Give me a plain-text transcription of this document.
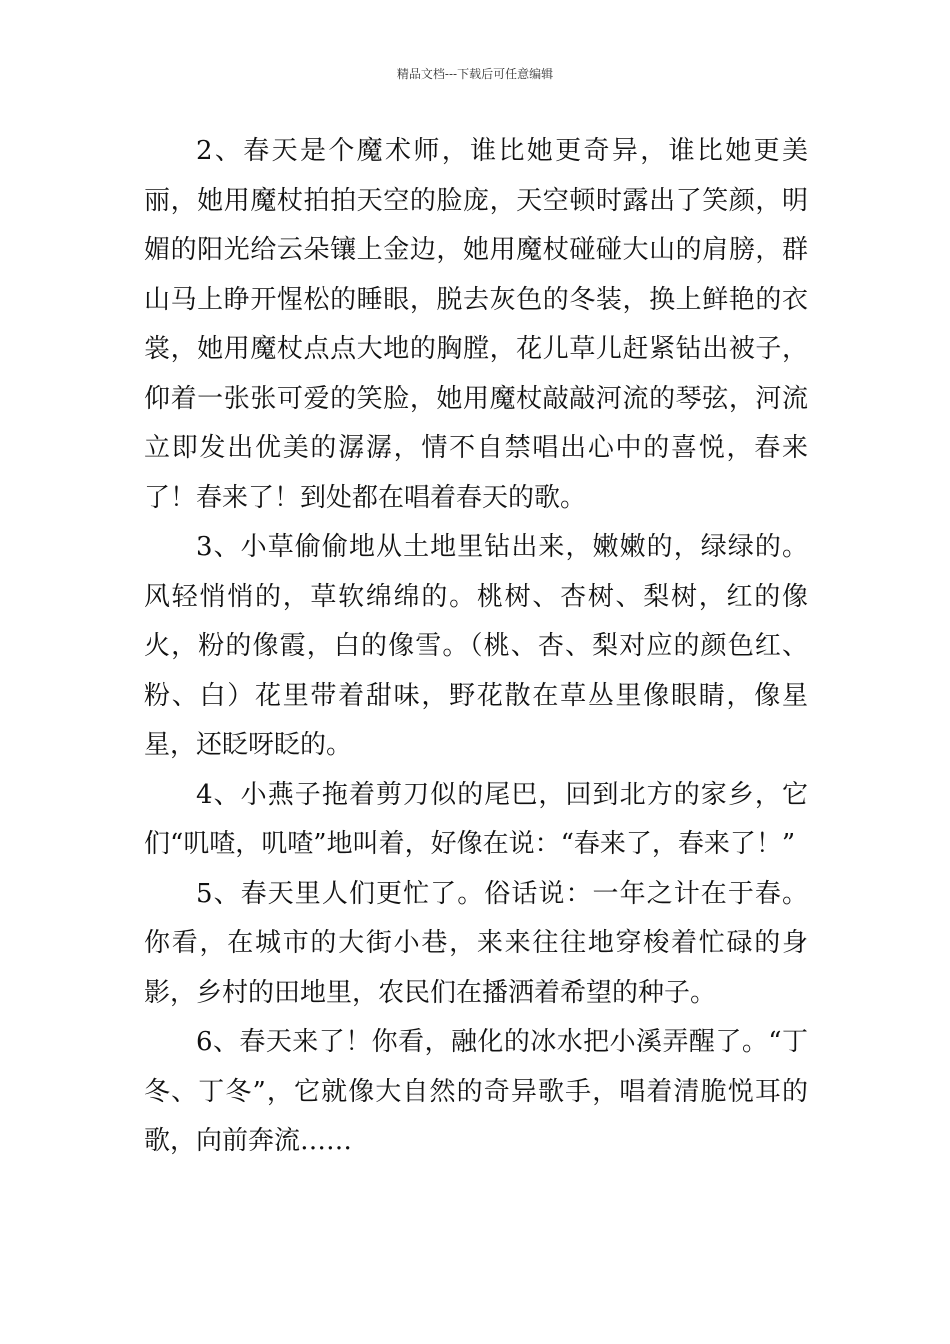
精品文档---下载后可任意编辑

2、春天是个魔术师，谁比她更奇异，谁比她更美丽，她用魔杖拍拍天空的脸庞，天空顿时露出了笑颜，明媚的阳光给云朵镶上金边，她用魔杖碰碰大山的肩膀，群山马上睁开惺松的睡眼，脱去灰色的冬装，换上鲜艳的衣裳，她用魔杖点点大地的胸膛，花儿草儿赶紧钻出被子，仰着一张张可爱的笑脸，她用魔杖敲敲河流的琴弦，河流立即发出优美的潺潺，情不自禁唱出心中的喜悦，春来了！春来了！到处都在唱着春天的歌。

3、小草偷偷地从土地里钻出来，嫩嫩的，绿绿的。风轻悄悄的，草软绵绵的。桃树、杏树、梨树，红的像火，粉的像霞，白的像雪。（桃、杏、梨对应的颜色红、粉、白）花里带着甜味，野花散在草丛里像眼睛，像星星，还眨呀眨的。

4、小燕子拖着剪刀似的尾巴，回到北方的家乡，它们“叽喳，叽喳”地叫着，好像在说：“春来了，春来了！”

5、春天里人们更忙了。俗话说：一年之计在于春。你看，在城市的大街小巷，来来往往地穿梭着忙碌的身影，乡村的田地里，农民们在播洒着希望的种子。

6、春天来了！你看，融化的冰水把小溪弄醒了。“丁冬、丁冬”，它就像大自然的奇异歌手，唱着清脆悦耳的歌，向前奔流……
